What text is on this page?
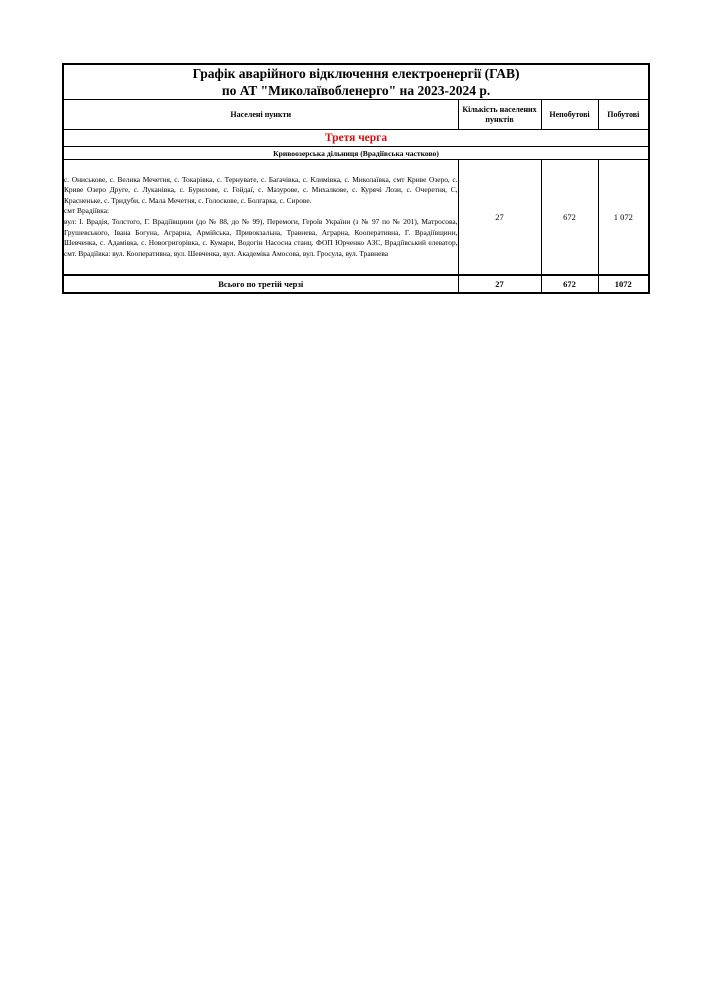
Графік аварійного відключення електроенергії (ГАВ)
по АТ "Миколаївобленерго" на 2023-2024 р.			

Населені пункти	Кількість населених пунктів	Непобутові	Побутові
Третя черга			
Кривоозерська дільниця (Врадіївська частково)			

с. Ониськове, с. Велика Мечетня, с. Токарівка, с. Тернувате, с. Багачівка, с. Климівка, с. Миколаївка, смт Криве Озеро, с. Криве Озеро Друге, с. Луканівка, с. Бурилове, с. Гойдаї, с. Мазурове, с. Михалкове, с. Курячі Лози, с. Очеретня, С, Красненьке, с. Тридуби, с. Мала Мечетня, с. Голоскове, с. Болгарка, с. Сирове.
смт Врадіївка:
вул: І. Врадія, Толстого, Г. Врадіївщини (до № 88, до № 99), Перемоги, Героїв України (з № 97 по № 201), Матросова, Грушевського, Івана Богуна, Аграрна, Армійська, Привокзальна, Травнева, Аграрна, Кооперативна, Г. Врадіївщини, Шевченка, с. Адамівка, с. Новогригорівка, с. Кумари, Водогін Насосна станц. ФОП Юрченко АЗС, Врадіївський елеватор, смт. Врадіївка: вул. Кооперативна, вул. Шевченка, вул. Академіка Амосова, вул. Гросула, вул. Травнева	27	672	1 072
Всього по третій черзі	27	672	1072
